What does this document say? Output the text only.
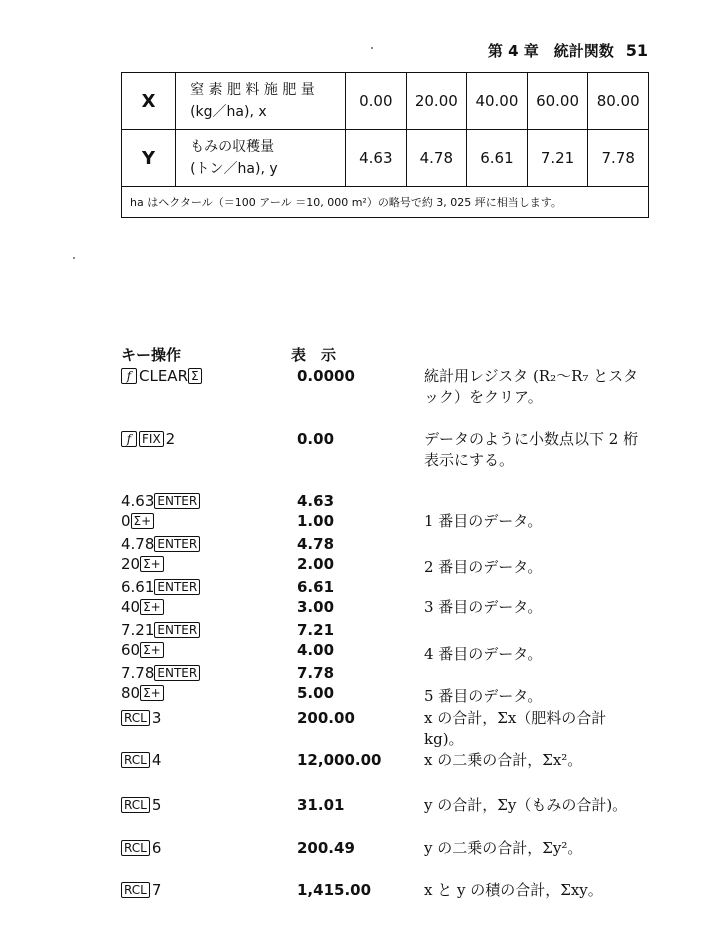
第 4 章　統計関数 51
X	窒 素 肥 料 施 肥 量
(kg／ha), x	0.00	20.00	40.00	60.00	80.00
Y	もみの収穫量
(トン／ha), y	4.63	4.78	6.61	7.21	7.78
ha はヘクタール（＝100 アール ＝10, 000 m²）の略号で約 3, 025 坪に相当します。						
キー操作	表　示
f CLEAR Σ	0.0000	統計用レジスタ (R₂〜R₇ とスタック）をクリア。
f FIX 2	0.00	データのように小数点以下 2 桁表示にする。
4.63 ENTER	4.63
0 Σ+	1.00	1 番目のデータ。
4.78 ENTER	4.78
20 Σ+	2.00	2 番目のデータ。
6.61 ENTER	6.61
40 Σ+	3.00	3 番目のデータ。
7.21 ENTER	7.21
60 Σ+	4.00	4 番目のデータ。
7.78 ENTER	7.78
80 Σ+	5.00	5 番目のデータ。
RCL 3	200.00	x の合計，Σx（肥料の合計 kg)。
RCL 4	12,000.00	x の二乗の合計，Σx²。
RCL 5	31.01	y の合計，Σy（もみの合計)。
RCL 6	200.49	y の二乗の合計，Σy²。
RCL 7	1,415.00	x と y の積の合計，Σxy。
